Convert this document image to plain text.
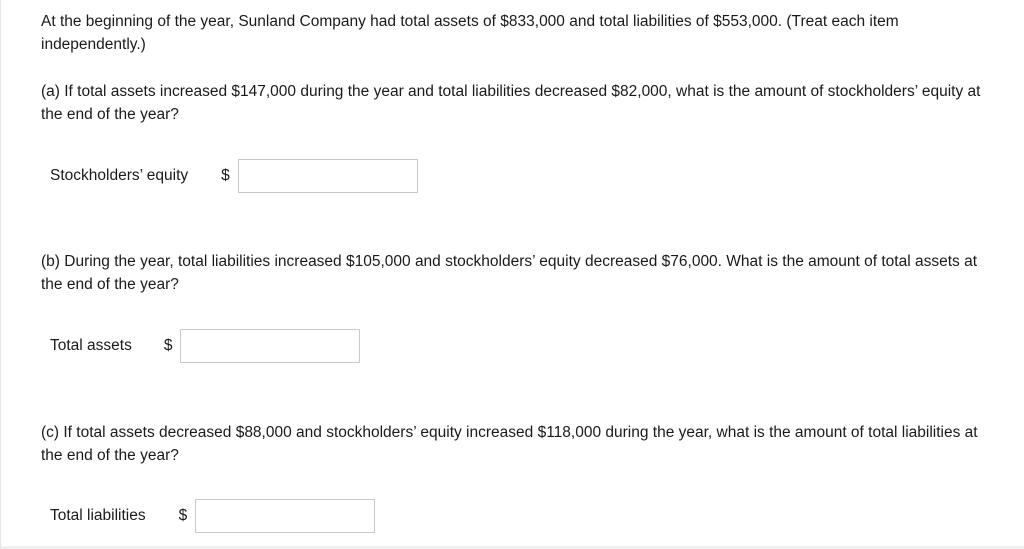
At the beginning of the year, Sunland Company had total assets of $833,000 and total liabilities of $553,000. (Treat each item independently.)

(a) If total assets increased $147,000 during the year and total liabilities decreased $82,000, what is the amount of stockholders’ equity at the end of the year?

Stockholders’ equity $

(b) During the year, total liabilities increased $105,000 and stockholders’ equity decreased $76,000. What is the amount of total assets at the end of the year?

Total assets $

(c) If total assets decreased $88,000 and stockholders’ equity increased $118,000 during the year, what is the amount of total liabilities at the end of the year?

Total liabilities $
